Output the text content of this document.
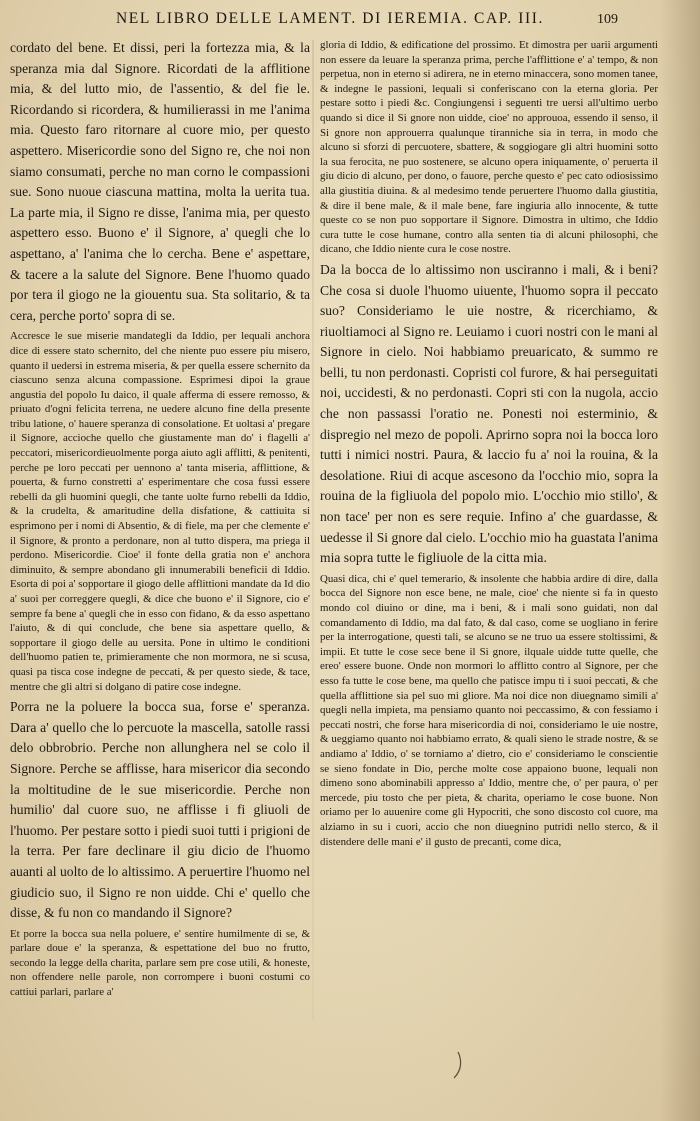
NEL LIBRO DELLE LAMENT. DI IEREMIA. CAP. III.	109

cordato del bene. Et dissi, peri la fortezza mia, & la speranza mia dal Signore. Ricordati de la afflitione mia, & del lutto mio, de l'assentio, & del fie le. Ricordando si ricordera, & humilierassi in me l'anima mia. Questo faro ritornare al cuore mio, per questo aspettero. Misericordie sono del Signo re, che noi non siamo consumati, perche no man corno le compassioni sue. Sono nuoue ciascuna mattina, molta la uerita tua. La parte mia, il Signo re disse, l'anima mia, per questo aspettero esso. Buono e' il Signore, a' quegli che lo aspettano, a' l'anima che lo cercha. Bene e' aspettare, & tacere a la salute del Signore. Bene l'huomo quado por tera il giogo ne la giouentu sua. Sta solitario, & ta cera, perche porto' sopra di se.

Accresce le sue miserie mandategli da Iddio, per lequali anchora dice di essere stato schernito, del che niente puo essere piu misero, quanto il uedersi in estrema miseria, & per quella essere schernito da ciascuno senza alcuna compassione. Esprimesi dipoi la graue angustia del popolo Iu daico, il quale afferma di essere remosso, & priuato d'ogni felicita terrena, ne uedere alcuno fine della presente tribu latione, o' hauere speranza di consolatione. Et uoltasi a' pregare il Signore, accioche quello che giustamente man do' i flagelli a' peccatori, misericordieuolmente porga aiuto agli afflitti, & penitenti, perche pe loro peccati per uennono a' tanta miseria, afflittione, & pouerta, & furno constretti a' esperimentare che cosa fussi essere rebelli da gli huomini quegli, che tante uolte furno rebelli da Iddio, & la crudelta, & amaritudine della disfatione, & cattiuita si esprimono per i nomi di Absentio, & di fiele, ma per che clemente e' il Signore, & pronto a perdonare, non al tutto dispera, ma priega il perdono. Misericordie. Cioe' il fonte della gratia non e' anchora diminuito, & sempre abondano gli innumerabili beneficii di Iddio. Esorta di poi a' sopportare il giogo delle afflittioni mandate da Id dio a' suoi per correggere quegli, & dice che buono e' il Signore, cio e' sempre fa bene a' quegli che in esso con fidano, & da esso aspettano l'aiuto, & di qui conclude, che bene sia aspettare quello, & sopportare il giogo delle au uersita. Pone in ultimo le conditioni dell'huomo patien te, primieramente che non mormora, ne si scusa, quasi pa tisca cose indegne de peccati, & per questo siede, & tace, mentre che gli altri si dolgano di patire cose indegne.

Porra ne la poluere la bocca sua, forse e' speranza. Dara a' quello che lo percuote la mascella, satolle rassi delo obbrobrio. Perche non allunghera nel se colo il Signore. Perche se afflisse, hara misericor dia secondo la moltitudine de le sue misericordie. Perche non humilio' dal cuore suo, ne afflisse i fi gliuoli de l'huomo. Per pestare sotto i piedi suoi tutti i prigioni de la terra. Per fare declinare il giu dicio de l'huomo auanti al uolto de lo altissimo. A peruertire l'huomo nel giudicio suo, il Signo re non uidde. Chi e' quello che disse, & fu non co mandando il Signore?

Et porre la bocca sua nella poluere, e' sentire humilmente di se, & parlare doue e' la speranza, & espettatione del buo no frutto, secondo la legge della charita, parlare sem pre cose utili, & honeste, non offendere nelle parole, non corrompere i buoni costumi co cattiui parlari, parlare a'

gloria di Iddio, & edificatione del prossimo. Et dimostra per uarii argumenti non essere da leuare la speranza prima, perche l'afflittione e' a' tempo, & non perpetua, non in eterno si adirera, ne in eterno minaccera, sono momen tanee, & indegne le passioni, lequali si conferiscano con la eterna gloria. Per pestare sotto i piedi &c. Congiungensi i seguenti tre uersi all'ultimo uerbo quando si dice il Si gnore non uidde, cioe' no approuoa, essendo il senso, il Si gnore non approuerra qualunque tiranniche sia in terra, in modo che alcuno si sforzi di percuotere, sbattere, & soggiogare gli altri huomini sotto la sua ferocita, ne puo sostenere, se alcuno opera iniquamente, o' peruerta il giu dicio di alcuno, per dono, o fauore, perche questo e' pec cato odiosissimo alla giustitia diuina. & al medesimo tende peruertere l'huomo dalla giustitia, & dire il bene male, & il male bene, fare ingiuria allo innocente, & tutte queste co se non puo sopportare il Signore. Dimostra in ultimo, che Iddio cura tutte le cose humane, contro alla senten tia di alcuni philosophi, che dicano, che Iddio niente cura le cose nostre.

Da la bocca de lo altissimo non usciranno i mali, & i beni? Che cosa si duole l'huomo uiuente, l'huomo sopra il peccato suo? Consideriamo le uie nostre, & ricerchiamo, & riuoltiamoci al Signo re. Leuiamo i cuori nostri con le mani al Signore in cielo. Noi habbiamo preuaricato, & summo re belli, tu non perdonasti. Copristi col furore, & hai perseguitati noi, uccidesti, & no perdonasti. Copri sti con la nugola, accio che non passassi l'oratio ne. Ponesti noi esterminio, & dispregio nel mezo de popoli. Aprirno sopra noi la bocca loro tutti i nimici nostri. Paura, & laccio fu a' noi la rouina, & la desolatione. Riui di acque ascesono da l'occhio mio, sopra la rouina de la figliuola del popolo mio. L'occhio mio stillo', & non tace' per non es sere requie. Infino a' che guardasse, & uedesse il Si gnore dal cielo. L'occhio mio ha guastata l'anima mia sopra tutte le figliuole de la citta mia.

Quasi dica, chi e' quel temerario, & insolente che habbia ardire di dire, dalla bocca del Signore non esce bene, ne male, cioe' che niente si fa in questo mondo col diuino or dine, ma i beni, & i mali sono guidati, non dal comandamento di Iddio, ma dal fato, & dal caso, come se uogliano in ferire per la interrogatione, questi tali, se alcuno se ne truo ua essere stoltissimi, & impii. Et tutte le cose sece bene il Si gnore, ilquale uidde tutte quelle, che ereo' essere buone. Onde non mormori lo afflitto contro al Signore, per che esso fa tutte le cose bene, ma quello che patisce impu ti i suoi peccati, & che quella afflittione sia pel suo mi gliore. Ma noi dice non diuegnamo simili a' quegli nella impieta, ma pensiamo quanto noi peccassimo, & con fessiamo i peccati nostri, che forse hara misericordia di noi, consideriamo le uie nostre, & ueggiamo quanto noi habbiamo errato, & quali sieno le strade nostre, & se andiamo a' Iddio, o' se torniamo a' dietro, cio e' consideriamo le conscientie se sieno fondate in Dio, perche molte cose appaiono buone, lequali non dimeno sono abominabili appresso a' Iddio, mentre che, o' per paura, o' per mercede, piu tosto che per pieta, & charita, operiamo le cose buone. Non oriamo per lo auuenire come gli Hypocriti, che sono discosto col cuore, ma alziamo in su i cuori, accio che non diuegnino putridi nello sterco, & il distendere delle mani e' il gusto de precanti, come dica,
